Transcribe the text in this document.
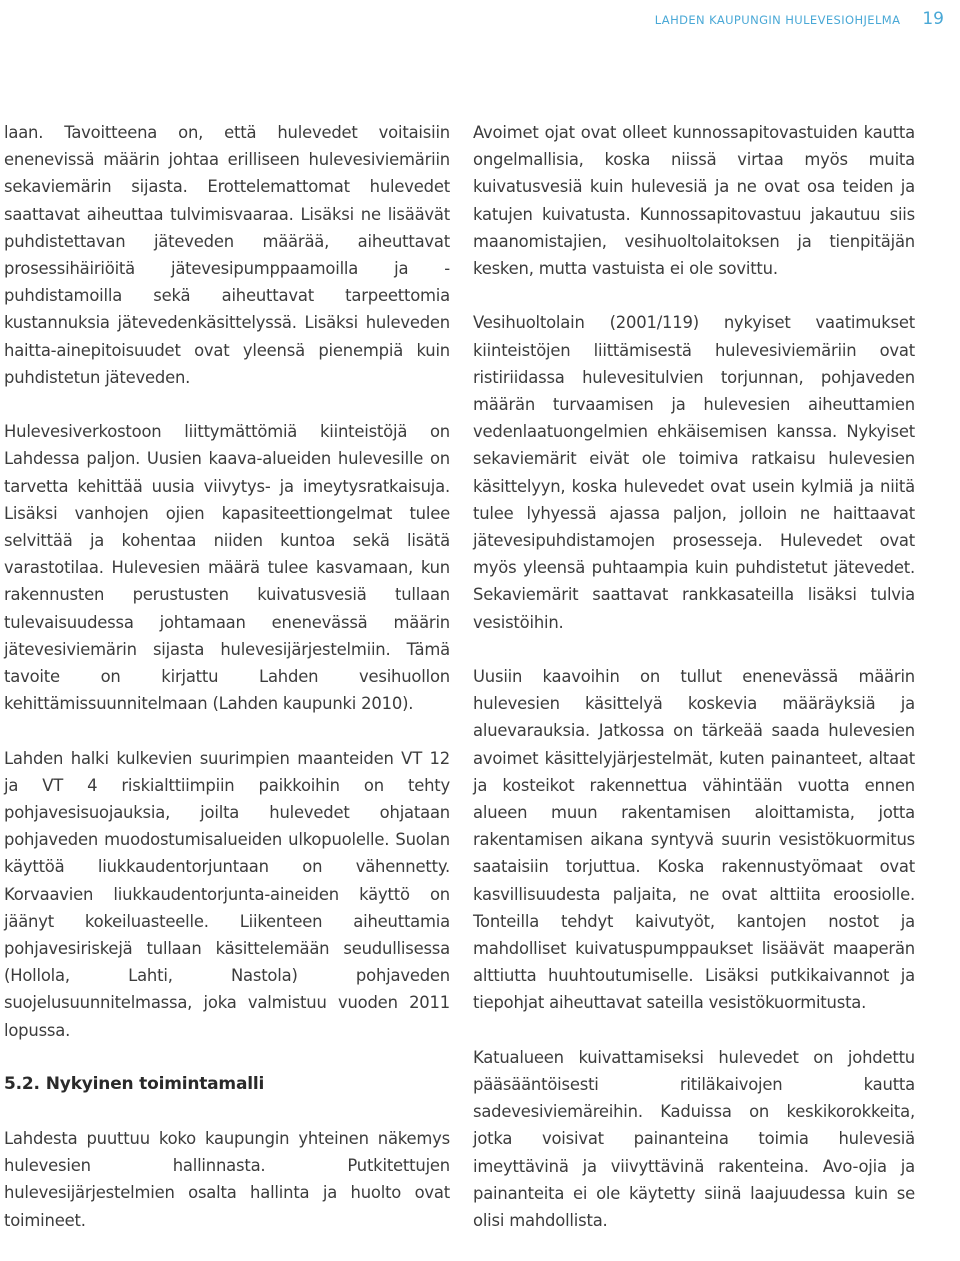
LAHDEN KAUPUNGIN HULEVESIOHJELMA 19

laan. Tavoitteena on, että hulevedet voitaisiin enenevissä määrin johtaa erilliseen hulevesiviemäriin sekaviemärin sijasta. Erottelemattomat hulevedet saattavat aiheuttaa tulvimisvaaraa. Lisäksi ne lisäävät puhdistettavan jäteveden määrää, aiheuttavat prosessihäiriöitä jätevesipumppaamoilla ja -puhdistamoilla sekä aiheuttavat tarpeettomia kustannuksia jätevedenkäsittelyssä. Lisäksi huleveden haitta-ainepitoisuudet ovat yleensä pienempiä kuin puhdistetun jäteveden.

Hulevesiverkostoon liittymättömiä kiinteistöjä on Lahdessa paljon. Uusien kaava-alueiden hulevesille on tarvetta kehittää uusia viivytys- ja imeytysratkaisuja. Lisäksi vanhojen ojien kapasiteettiongelmat tulee selvittää ja kohentaa niiden kuntoa sekä lisätä varastotilaa. Hulevesien määrä tulee kasvamaan, kun rakennusten perustusten kuivatusvesiä tullaan tulevaisuudessa johtamaan enenevässä määrin jätevesiviemärin sijasta hulevesijärjestelmiin. Tämä tavoite on kirjattu Lahden vesihuollon kehittämissuunnitelmaan (Lahden kaupunki 2010).

Lahden halki kulkevien suurimpien maanteiden VT 12 ja VT 4 riskialttiimpiin paikkoihin on tehty pohjavesisuojauksia, joilta hulevedet ohjataan pohjaveden muodostumisalueiden ulkopuolelle. Suolan käyttöä liukkaudentorjuntaan on vähennetty. Korvaavien liukkaudentorjunta-aineiden käyttö on jäänyt kokeiluasteelle. Liikenteen aiheuttamia pohjavesiriskejä tullaan käsittelemään seudullisessa (Hollola, Lahti, Nastola) pohjaveden suojelusuunnitelmassa, joka valmistuu vuoden 2011 lopussa.

5.2. Nykyinen toimintamalli

Lahdesta puuttuu koko kaupungin yhteinen näkemys hulevesien hallinnasta. Putkitettujen hulevesijärjestelmien osalta hallinta ja huolto ovat toimineet.

Avoimet ojat ovat olleet kunnossapitovastuiden kautta ongelmallisia, koska niissä virtaa myös muita kuivatusvesiä kuin hulevesiä ja ne ovat osa teiden ja katujen kuivatusta. Kunnossapitovastuu jakautuu siis maanomistajien, vesihuoltolaitoksen ja tienpitäjän kesken, mutta vastuista ei ole sovittu.

Vesihuoltolain (2001/119) nykyiset vaatimukset kiinteistöjen liittämisestä hulevesiviemäriin ovat ristiriidassa hulevesitulvien torjunnan, pohjaveden määrän turvaamisen ja hulevesien aiheuttamien vedenlaatuongelmien ehkäisemisen kanssa. Nykyiset sekaviemärit eivät ole toimiva ratkaisu hulevesien käsittelyyn, koska hulevedet ovat usein kylmiä ja niitä tulee lyhyessä ajassa paljon, jolloin ne haittaavat jätevesipuhdistamojen prosesseja. Hulevedet ovat myös yleensä puhtaampia kuin puhdistetut jätevedet. Sekaviemärit saattavat rankkasateilla lisäksi tulvia vesistöihin.

Uusiin kaavoihin on tullut enenevässä määrin hulevesien käsittelyä koskevia määräyksiä ja aluevarauksia. Jatkossa on tärkeää saada hulevesien avoimet käsittelyjärjestelmät, kuten painanteet, altaat ja kosteikot rakennettua vähintään vuotta ennen alueen muun rakentamisen aloittamista, jotta rakentamisen aikana syntyvä suurin vesistökuormitus saataisiin torjuttua. Koska rakennustyömaat ovat kasvillisuudesta paljaita, ne ovat alttiita eroosiolle. Tonteilla tehdyt kaivutyöt, kantojen nostot ja mahdolliset kuivatuspumppaukset lisäävät maaperän alttiutta huuhtoutumiselle. Lisäksi putkikaivannot ja tiepohjat aiheuttavat sateilla vesistökuormitusta.

Katualueen kuivattamiseksi hulevedet on johdettu pääsääntöisesti ritiläkaivojen kautta sadevesiviemäreihin. Kaduissa on keskikorokkeita, jotka voisivat painanteina toimia hulevesiä imeyttävinä ja viivyttävinä rakenteina. Avo-ojia ja painanteita ei ole käytetty siinä laajuudessa kuin se olisi mahdollista.
